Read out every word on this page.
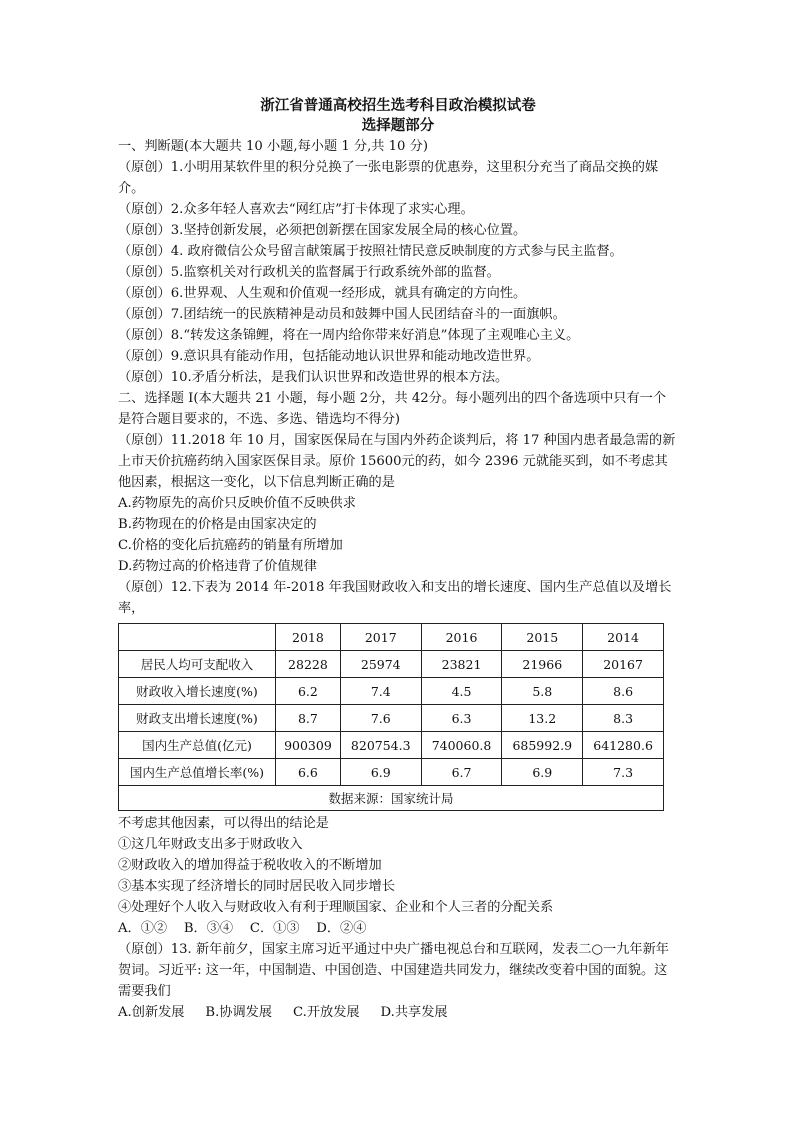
浙江省普通高校招生选考科目政治模拟试卷
选择题部分
一、判断题(本大题共 10 小题,每小题 1 分,共 10 分)
（原创）1.小明用某软件里的积分兑换了一张电影票的优惠券，这里积分充当了商品交换的媒介。
（原创）2.众多年轻人喜欢去“网红店”打卡体现了求实心理。
（原创）3.坚持创新发展，必须把创新摆在国家发展全局的核心位置。
（原创）4. 政府微信公众号留言献策属于按照社情民意反映制度的方式参与民主监督。
（原创）5.监察机关对行政机关的监督属于行政系统外部的监督。
（原创）6.世界观、人生观和价值观一经形成，就具有确定的方向性。
（原创）7.团结统一的民族精神是动员和鼓舞中国人民团结奋斗的一面旗帜。
（原创）8.“转发这条锦鲤，将在一周内给你带来好消息”体现了主观唯心主义。
（原创）9.意识具有能动作用，包括能动地认识世界和能动地改造世界。
（原创）10.矛盾分析法，是我们认识世界和改造世界的根本方法。
二、选择题 I(本大题共 21 小题，每小题 2分，共 42分。每小题列出的四个备选项中只有一个是符合题目要求的，不选、多选、错选均不得分)
（原创）11.2018 年 10 月，国家医保局在与国内外药企谈判后，将 17 种国内患者最急需的新上市天价抗癌药纳入国家医保目录。原价 15600元的药，如今 2396 元就能买到，如不考虑其他因素，根据这一变化，以下信息判断正确的是
A.药物原先的高价只反映价值不反映供求
B.药物现在的价格是由国家决定的
C.价格的变化后抗癌药的销量有所增加
D.药物过高的价格违背了价值规律
（原创）12.下表为 2014 年-2018 年我国财政收入和支出的增长速度、国内生产总值以及增长率，
	2018	2017	2016	2015	2014
居民人均可支配收入	28228	25974	23821	21966	20167
财政收入增长速度(%)	6.2	7.4	4.5	5.8	8.6
财政支出增长速度(%)	8.7	7.6	6.3	13.2	8.3
国内生产总值(亿元)	900309	820754.3	740060.8	685992.9	641280.6
国内生产总值增长率(%)	6.6	6.9	6.7	6.9	7.3
数据来源：国家统计局					
不考虑其他因素，可以得出的结论是
①这几年财政支出多于财政收入
②财政收入的增加得益于税收收入的不断增加
③基本实现了经济增长的同时居民收入同步增长
④处理好个人收入与财政收入有利于理顺国家、企业和个人三者的分配关系
A．①②    B．③④    C．①③    D．②④
（原创）13. 新年前夕，国家主席习近平通过中央广播电视总台和互联网，发表二○一九年新年贺词。习近平: 这一年，中国制造、中国创造、中国建造共同发力，继续改变着中国的面貌。这需要我们
A.创新发展     B.协调发展     C.开放发展     D.共享发展
